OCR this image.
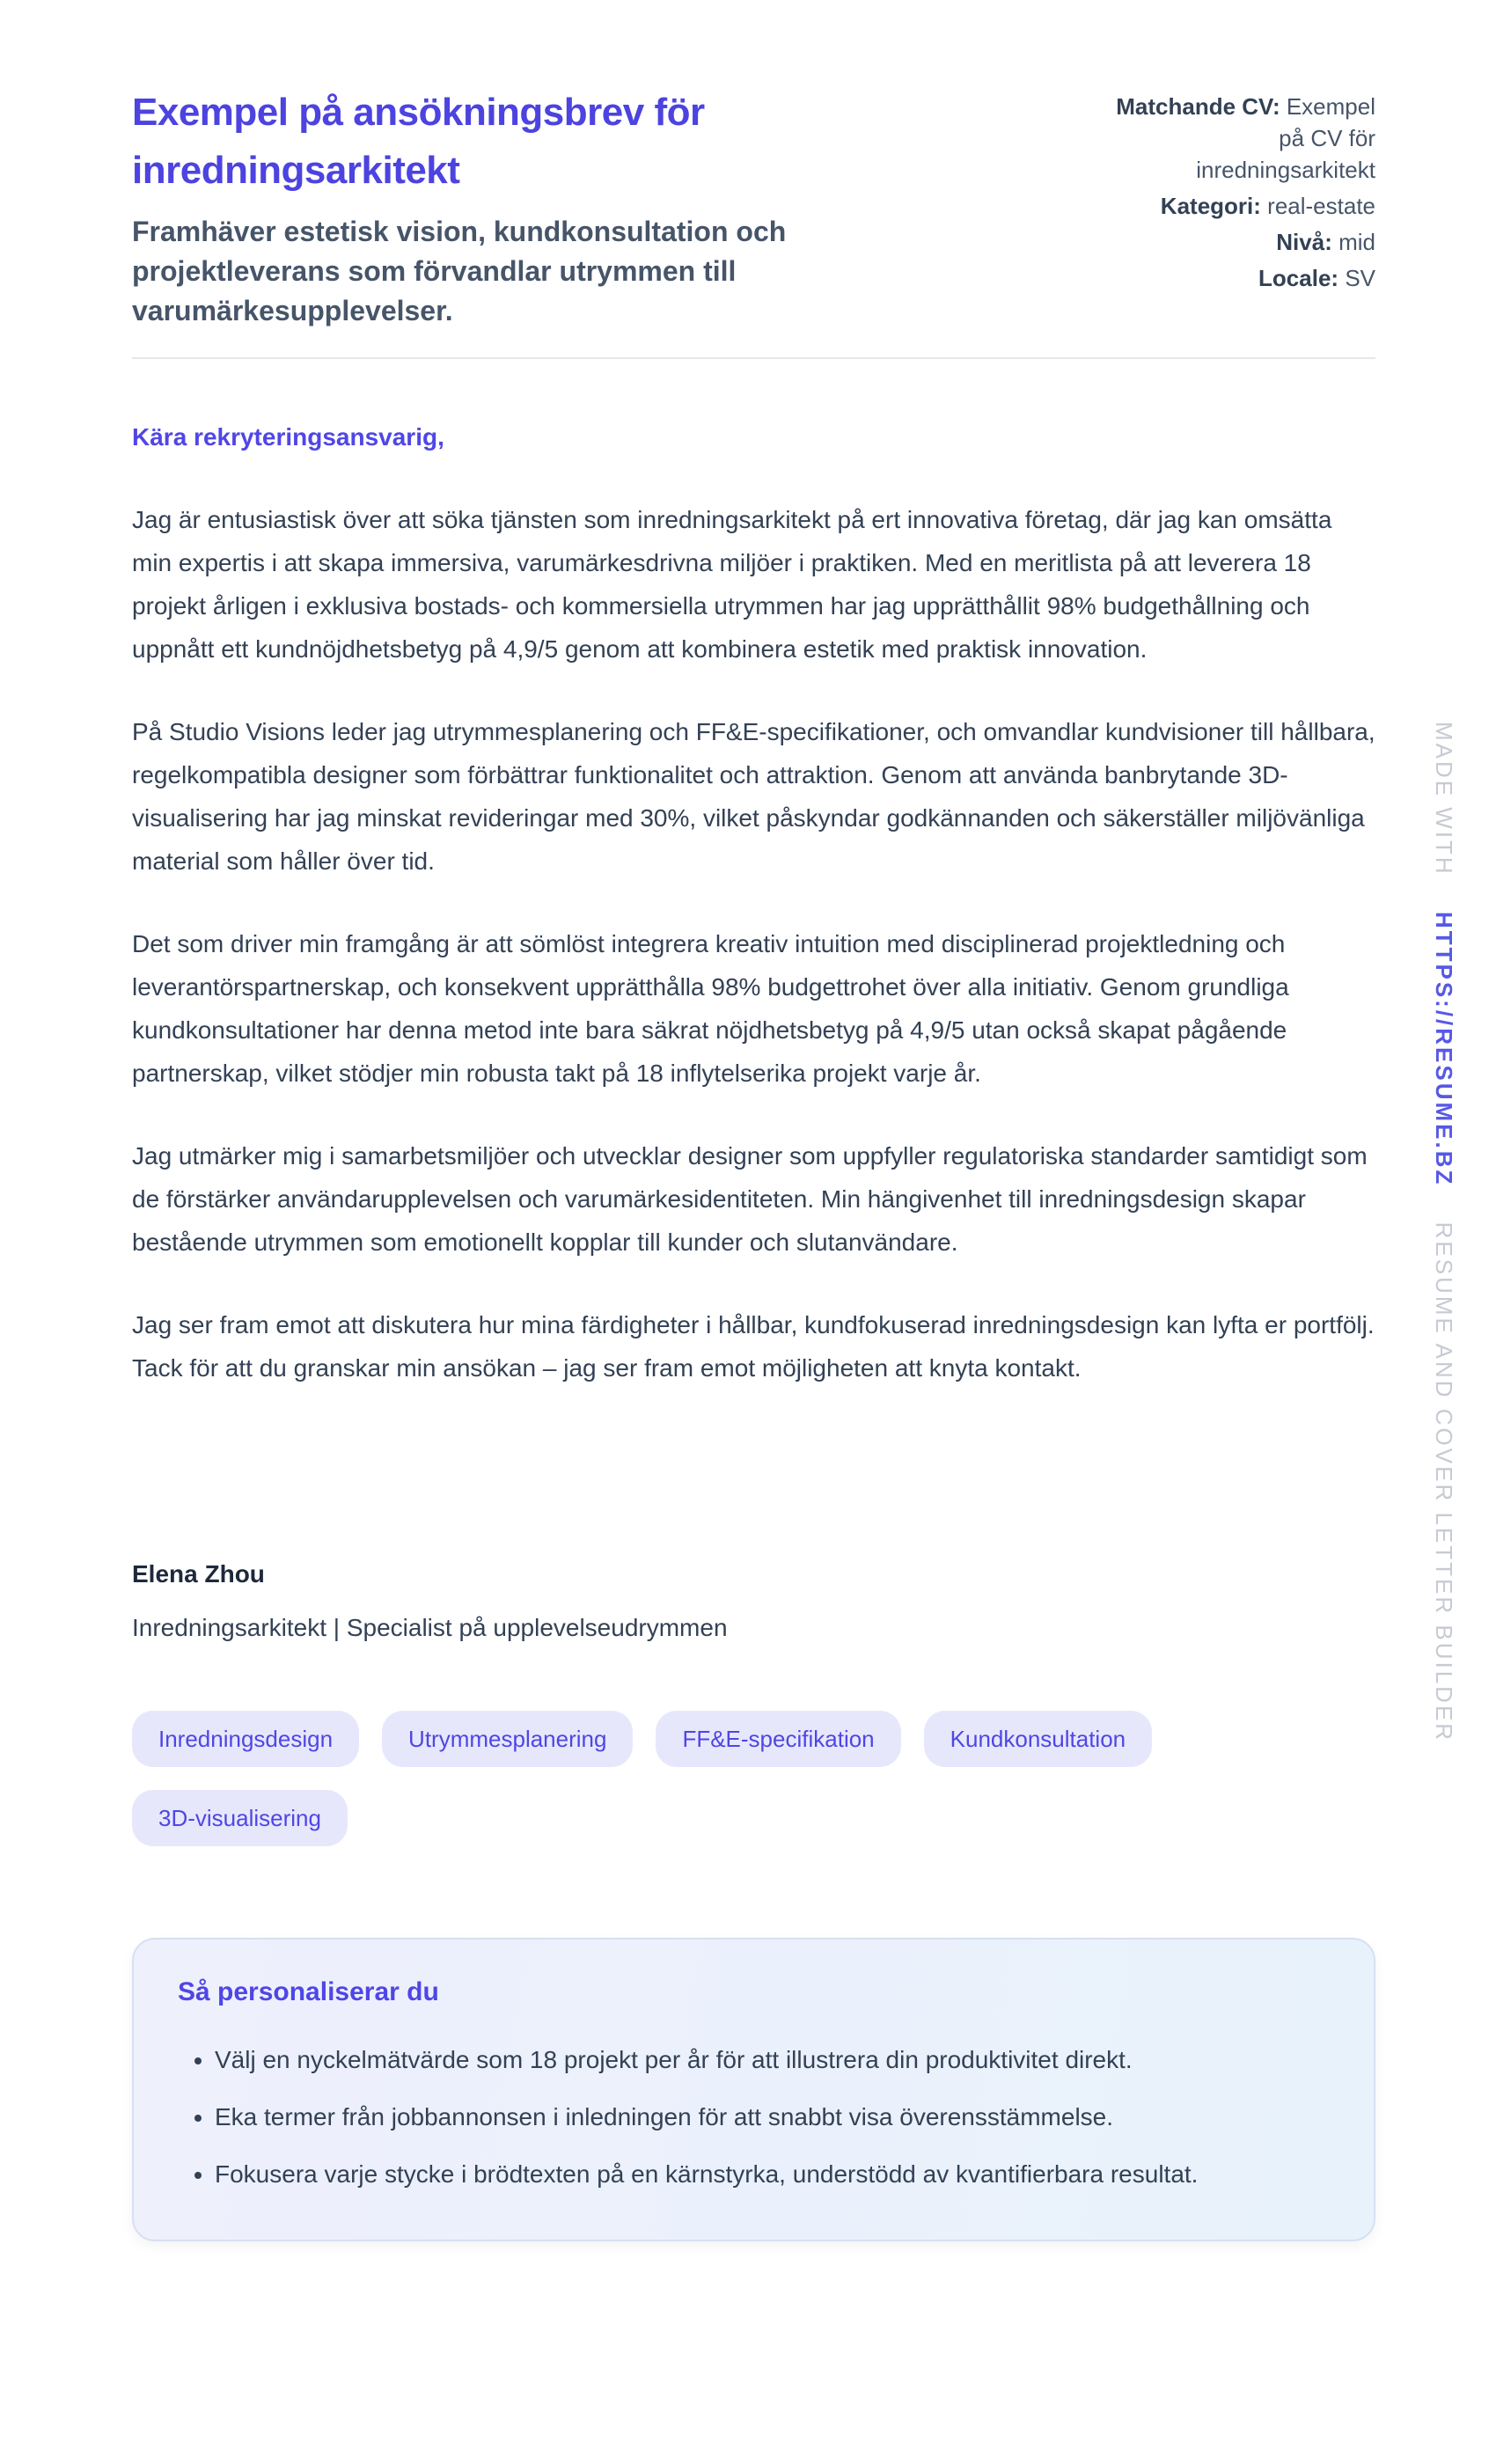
Exempel på ansökningsbrev för inredningsarkitekt

Framhäver estetisk vision, kundkonsultation och projektleverans som förvandlar utrymmen till varumärkesupplevelser.

Matchande CV: Exempel på CV för inredningsarkitekt
Kategori: real-estate
Nivå: mid
Locale: SV

Kära rekryteringsansvarig,

Jag är entusiastisk över att söka tjänsten som inredningsarkitekt på ert innovativa företag, där jag kan omsätta min expertis i att skapa immersiva, varumärkesdrivna miljöer i praktiken. Med en meritlista på att leverera 18 projekt årligen i exklusiva bostads- och kommersiella utrymmen har jag upprätthållit 98% budgethållning och uppnått ett kundnöjdhetsbetyg på 4,9/5 genom att kombinera estetik med praktisk innovation.

På Studio Visions leder jag utrymmesplanering och FF&E-specifikationer, och omvandlar kundvisioner till hållbara, regelkompatibla designer som förbättrar funktionalitet och attraktion. Genom att använda banbrytande 3D-visualisering har jag minskat revideringar med 30%, vilket påskyndar godkännanden och säkerställer miljövänliga material som håller över tid.

Det som driver min framgång är att sömlöst integrera kreativ intuition med disciplinerad projektledning och leverantörspartnerskap, och konsekvent upprätthålla 98% budgettrohet över alla initiativ. Genom grundliga kundkonsultationer har denna metod inte bara säkrat nöjdhetsbetyg på 4,9/5 utan också skapat pågående partnerskap, vilket stödjer min robusta takt på 18 inflytelserika projekt varje år.

Jag utmärker mig i samarbetsmiljöer och utvecklar designer som uppfyller regulatoriska standarder samtidigt som de förstärker användarupplevelsen och varumärkesidentiteten. Min hängivenhet till inredningsdesign skapar bestående utrymmen som emotionellt kopplar till kunder och slutanvändare.

Jag ser fram emot att diskutera hur mina färdigheter i hållbar, kundfokuserad inredningsdesign kan lyfta er portfölj. Tack för att du granskar min ansökan – jag ser fram emot möjligheten att knyta kontakt.

Elena Zhou

Inredningsarkitekt | Specialist på upplevelseudrymmen

Inredningsdesign	Utrymmesplanering	FF&E-specifikation	Kundkonsultation
3D-visualisering
Så personaliserar du
• Välj en nyckelmätvärde som 18 projekt per år för att illustrera din produktivitet direkt.
• Eka termer från jobbannonsen i inledningen för att snabbt visa överensstämmelse.
• Fokusera varje stycke i brödtexten på en kärnstyrka, understödd av kvantifierbara resultat.
MADE WITH HTTPS://RESUME.BZ RESUME AND COVER LETTER BUILDER
